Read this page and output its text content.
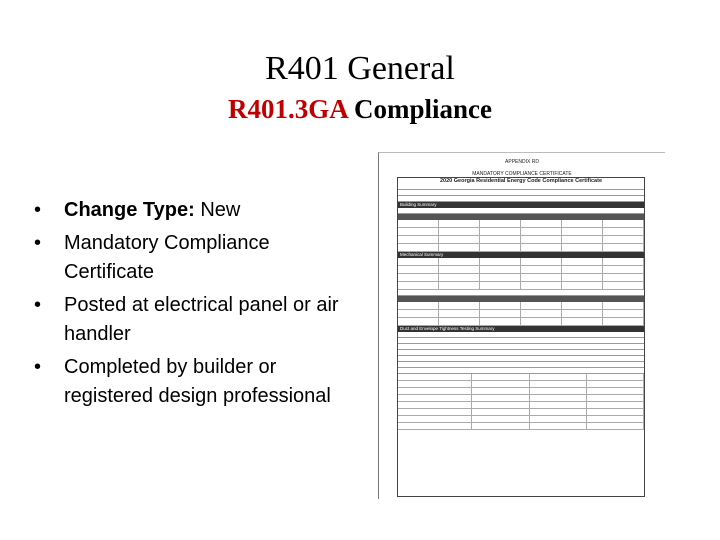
R401 General
R401.3GA Compliance
• Change Type: New
• Mandatory Compliance Certificate
• Posted at electrical panel or air handler
• Completed by builder or registered design professional
APPENDIX RD
MANDATORY COMPLIANCE CERTIFICATE
2020 Georgia Residential Energy Code Compliance Certificate
Building Summary
Mechanical Summary
Duct and Envelope Tightness Testing Summary
